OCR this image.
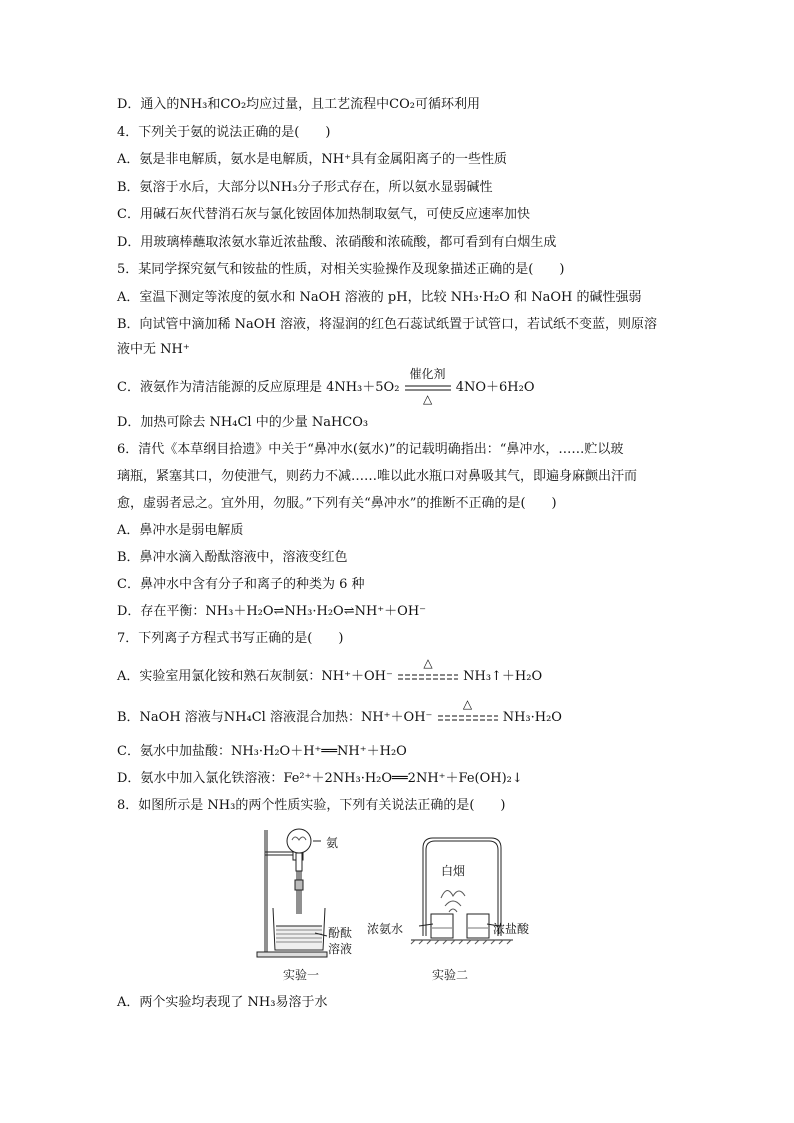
D．通入的NH₃和CO₂均应过量，且工艺流程中CO₂可循环利用
4．下列关于氨的说法正确的是(　　)
A．氨是非电解质，氨水是电解质，NH⁺具有金属阳离子的一些性质
B．氨溶于水后，大部分以NH₃分子形式存在，所以氨水显弱碱性
C．用碱石灰代替消石灰与氯化铵固体加热制取氨气，可使反应速率加快
D．用玻璃棒蘸取浓氨水靠近浓盐酸、浓硝酸和浓硫酸，都可看到有白烟生成
5．某同学探究氨气和铵盐的性质，对相关实验操作及现象描述正确的是(　　)
A．室温下测定等浓度的氨水和 NaOH 溶液的 pH，比较 NH₃·H₂O 和 NaOH 的碱性强弱
B．向试管中滴加稀 NaOH 溶液，将湿润的红色石蕊试纸置于试管口，若试纸不变蓝，则原溶
液中无 NH⁺
C．液氨作为清洁能源的反应原理是 4NH₃＋5O₂
催化剂
△
4NO＋6H₂O
D．加热可除去 NH₄Cl 中的少量 NaHCO₃
6．清代《本草纲目拾遗》中关于“鼻冲水(氨水)”的记载明确指出：“鼻冲水，……贮以玻
璃瓶，紧塞其口，勿使泄气，则药力不减……唯以此水瓶口对鼻吸其气，即遍身麻颤出汗而
愈，虚弱者忌之。宜外用，勿服。”下列有关“鼻冲水”的推断不正确的是(　　)
A．鼻冲水是弱电解质
B．鼻冲水滴入酚酞溶液中，溶液变红色
C．鼻冲水中含有分子和离子的种类为 6 种
D．存在平衡：NH₃＋H₂O⇌NH₃·H₂O⇌NH⁺＋OH⁻
7．下列离子方程式书写正确的是(　　)
A．实验室用氯化铵和熟石灰制氨：NH⁺＋OH⁻
△
NH₃↑＋H₂O
B．NaOH 溶液与NH₄Cl 溶液混合加热：NH⁺＋OH⁻
△
NH₃·H₂O
C．氨水中加盐酸：NH₃·H₂O＋H⁺══NH⁺＋H₂O
D．氨水中加入氯化铁溶液：Fe²⁺＋2NH₃·H₂O══2NH⁺＋Fe(OH)₂↓
8．如图所示是 NH₃的两个性质实验，下列有关说法正确的是(　　)
氨
酚酞
溶液
白烟
浓氨水	浓盐酸
实验一	实验二
A．两个实验均表现了 NH₃易溶于水
